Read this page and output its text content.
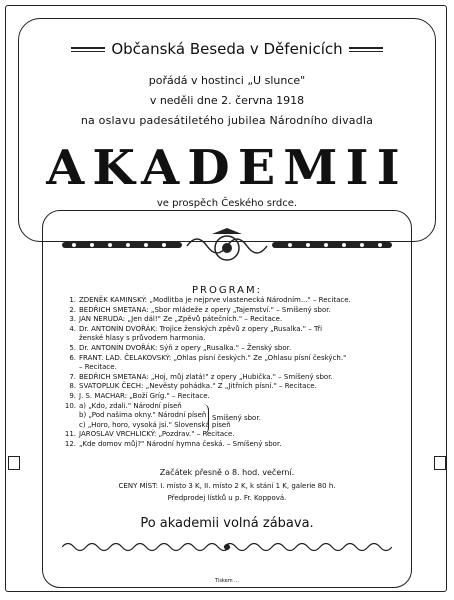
Občanská Beseda v Děfenicích
pořádá v hostinci „U slunce"
v neděli dne 2. června 1918
na oslavu padesátiletého jubilea Národního divadla
AKADEMII
ve prospěch Českého srdce.
PROGRAM:
1. ZDENĚK KAMINSKÝ: „Modlitba je nejprve vlastenecká Národním..." – Recitace.
2. BEDŘICH SMETANA: „Sbor mládeže z opery „Tajemství." – Smíšený sbor.
3. JAN NERUDA: „Jen dál!" Ze „Zpěvů pátečních." – Recitace.
4. Dr. ANTONÍN DVOŘÁK: Trojice ženských zpěvů z opery „Rusalka." – Tři
ženské hlasy s průvodem harmonia.
5. Dr. ANTONÍN DVOŘÁK: Sýň z opery „Rusalka." – Ženský sbor.
6. FRANT. LAD. ČELAKOVSKÝ: „Ohlas písní českých." Ze „Ohlasu písní českých."
– Recitace.
7. BEDŘICH SMETANA: „Hoj, můj zlatá!" z opery „Hubička." – Smíšený sbor.
8. SVATOPLUK ČECH: „Nevěsty pohádka." Z „Jitřních písní." – Recitace.
9. J. S. MACHAR: „Boží Gríg." – Recitace.
10. a) „Kdo, zdali." Národní píseň
b) „Pod našima okny." Národní píseň
c) „Horo, horo, vysoká jsi." Slovenská píseň
11. JAROSLAV VRCHLICKÝ: „Pozdrav." – Recitace.
12. „Kde domov můj?" Národní hymna česká. – Smíšený sbor.
Smíšený sbor.
Začátek přesně o 8. hod. večerní.
CENY MÍST: I. místo 3 K, II. místo 2 K, k stání 1 K, galerie 80 h.
Předprodej lístků u p. Fr. Koppová.
Po akademii volná zábava.
Tiskem ...
